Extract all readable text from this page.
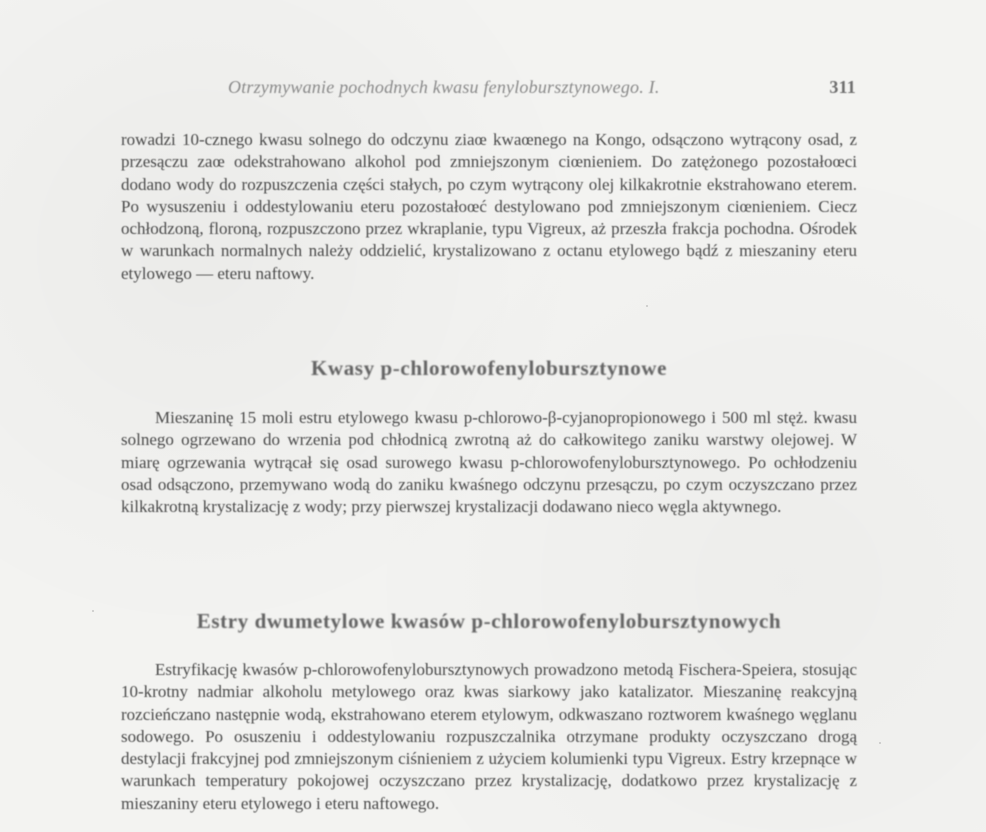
Otrzymywanie pochodnych kwasu fenylobursztynowego. I.	311

rowadzi 10-cznego kwasu solnego do odczynu ziaœ kwaœnego na Kongo, odsączono wytrącony osad, z przesączu zaœ odekstrahowano alkohol pod zmniejszonym ciœnieniem. Do zatężonego pozostałoœci dodano wody do rozpuszczenia części stałych, po czym wytrącony olej kilkakrotnie ekstrahowano eterem. Po wysuszeniu i oddestylowaniu eteru pozostałoœć destylowano pod zmniejszonym ciœnieniem. Ciecz ochłodzoną, floroną, rozpuszczono przez wkraplanie, typu Vigreux, aż przeszła frakcja pochodna. Ośrodek w warunkach normalnych należy oddzielić, krystalizowano z octanu etylowego bądź z mieszaniny eteru etylowego — eteru naftowy.

Kwasy p-chlorowofenylobursztynowe

Mieszaninę 15 moli estru etylowego kwasu p-chlorowo-β-cyjanopropionowego i 500 ml stęż. kwasu solnego ogrzewano do wrzenia pod chłodnicą zwrotną aż do całkowitego zaniku warstwy olejowej. W miarę ogrzewania wytrącał się osad surowego kwasu p-chlorowofenylobursztynowego. Po ochłodzeniu osad odsączono, przemywano wodą do zaniku kwaśnego odczynu przesączu, po czym oczyszczano przez kilkakrotną krystalizację z wody; przy pierwszej krystalizacji dodawano nieco węgla aktywnego.

Estry dwumetylowe kwasów p-chlorowofenylobursztynowych

Estryfikację kwasów p-chlorowofenylobursztynowych prowadzono metodą Fischera-Speiera, stosując 10-krotny nadmiar alkoholu metylowego oraz kwas siarkowy jako katalizator. Mieszaninę reakcyjną rozcieńczano następnie wodą, ekstrahowano eterem etylowym, odkwaszano roztworem kwaśnego węglanu sodowego. Po osuszeniu i oddestylowaniu rozpuszczalnika otrzymane produkty oczyszczano drogą destylacji frakcyjnej pod zmniejszonym ciśnieniem z użyciem kolumienki typu Vigreux. Estry krzepnące w warunkach temperatury pokojowej oczyszczano przez krystalizację, dodatkowo przez krystalizację z mieszaniny eteru etylowego i eteru naftowego.
